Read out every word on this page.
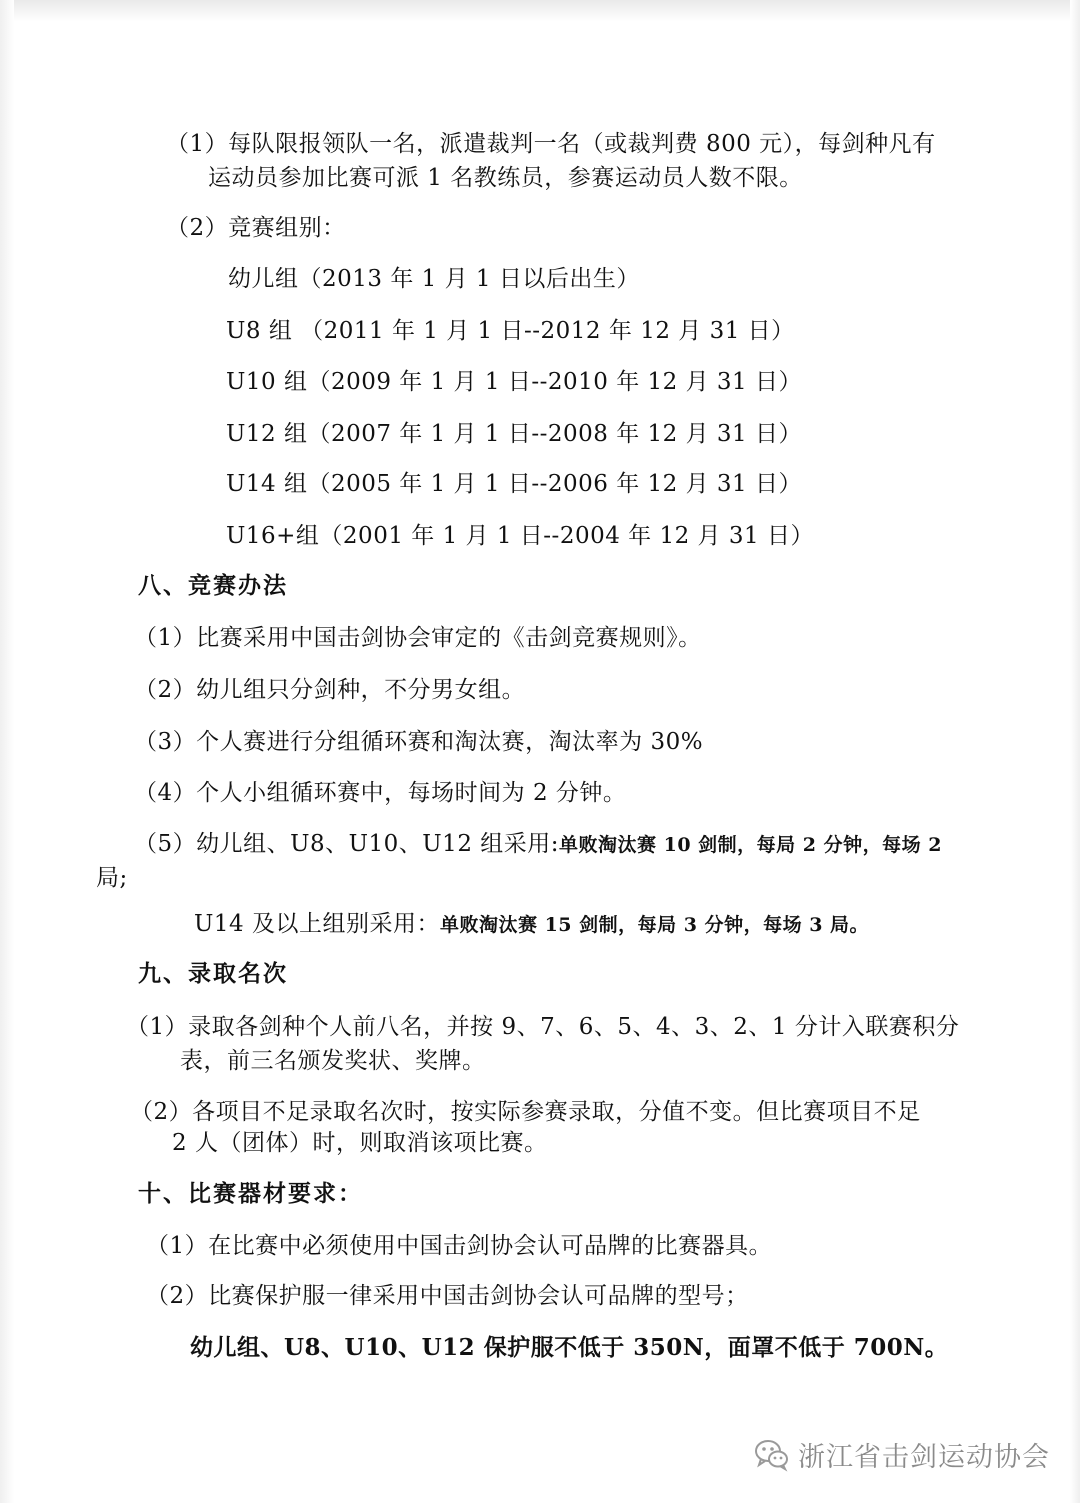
（1）每队限报领队一名，派遣裁判一名（或裁判费 800 元），每剑种凡有

运动员参加比赛可派 1 名教练员，参赛运动员人数不限。

（2）竞赛组别：

幼儿组（2013 年 1 月 1 日以后出生）

U8 组 （2011 年 1 月 1 日--2012 年 12 月 31 日）

U10 组（2009 年 1 月 1 日--2010 年 12 月 31 日）

U12 组（2007 年 1 月 1 日--2008 年 12 月 31 日）

U14 组（2005 年 1 月 1 日--2006 年 12 月 31 日）

U16+组（2001 年 1 月 1 日--2004 年 12 月 31 日）

八、竞赛办法

（1）比赛采用中国击剑协会审定的《击剑竞赛规则》。

（2）幼儿组只分剑种，不分男女组。

（3）个人赛进行分组循环赛和淘汰赛，淘汰率为 30%

（4）个人小组循环赛中，每场时间为 2 分钟。

（5）幼儿组、U8、U10、U12 组采用:单败淘汰赛 10 剑制，每局 2 分钟，每场 2

局;

U14 及以上组别采用：单败淘汰赛 15 剑制，每局 3 分钟，每场 3 局。

九、录取名次

（1）录取各剑种个人前八名，并按 9、7、6、5、4、3、2、1 分计入联赛积分

表，前三名颁发奖状、奖牌。

（2）各项目不足录取名次时，按实际参赛录取，分值不变。但比赛项目不足

2 人（团体）时，则取消该项比赛。

十、比赛器材要求：

（1）在比赛中必须使用中国击剑协会认可品牌的比赛器具。

（2）比赛保护服一律采用中国击剑协会认可品牌的型号；

幼儿组、U8、U10、U12 保护服不低于 350N，面罩不低于 700N。

浙江省击剑运动协会
